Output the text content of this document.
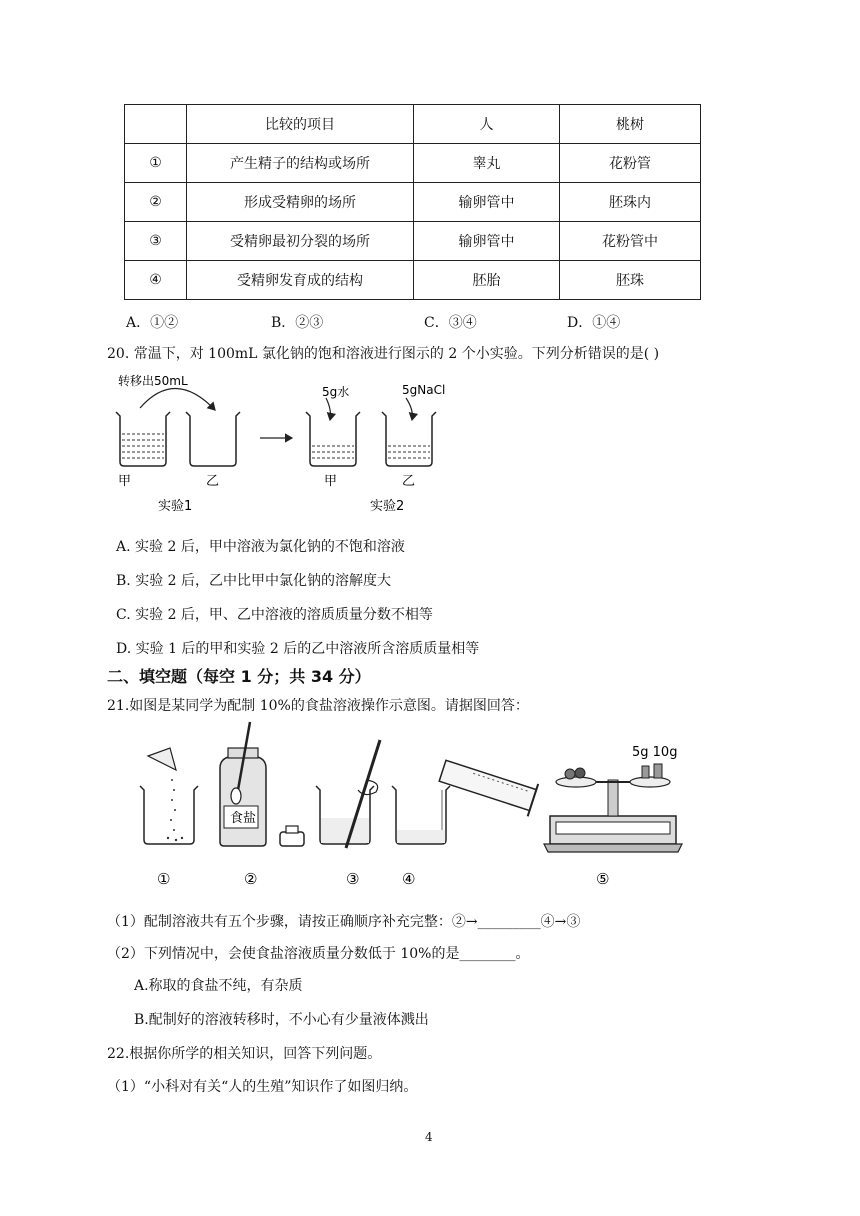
	比较的项目	人	桃树
①	产生精子的结构或场所	睾丸	花粉管
②	形成受精卵的场所	输卵管中	胚珠内
③	受精卵最初分裂的场所	输卵管中	花粉管中
④	受精卵发育成的结构	胚胎	胚珠
A．①②	B．②③	C．③④	D．①④
20. 常温下，对 100mL 氯化钠的饱和溶液进行图示的 2 个小实验。下列分析错误的是( )
转移出50mL
5g水	5gNaCl
甲	乙	甲	乙
实验1	实验2
A. 实验 2 后，甲中溶液为氯化钠的不饱和溶液
B. 实验 2 后，乙中比甲中氯化钠的溶解度大
C. 实验 2 后，甲、乙中溶液的溶质质量分数不相等
D. 实验 1 后的甲和实验 2 后的乙中溶液所含溶质质量相等
二、填空题（每空 1 分；共 34 分）
21.如图是某同学为配制 10%的食盐溶液操作示意图。请据图回答：
食盐
5g 10g
①	②	③	④	⑤
（1）配制溶液共有五个步骤，请按正确顺序补充完整：②→_________④→③
（2）下列情况中，会使食盐溶液质量分数低于 10%的是________。
A.称取的食盐不纯，有杂质
B.配制好的溶液转移时，不小心有少量液体溅出
22.根据你所学的相关知识，回答下列问题。
（1）“小科对有关“人的生殖”知识作了如图归纳。
4
